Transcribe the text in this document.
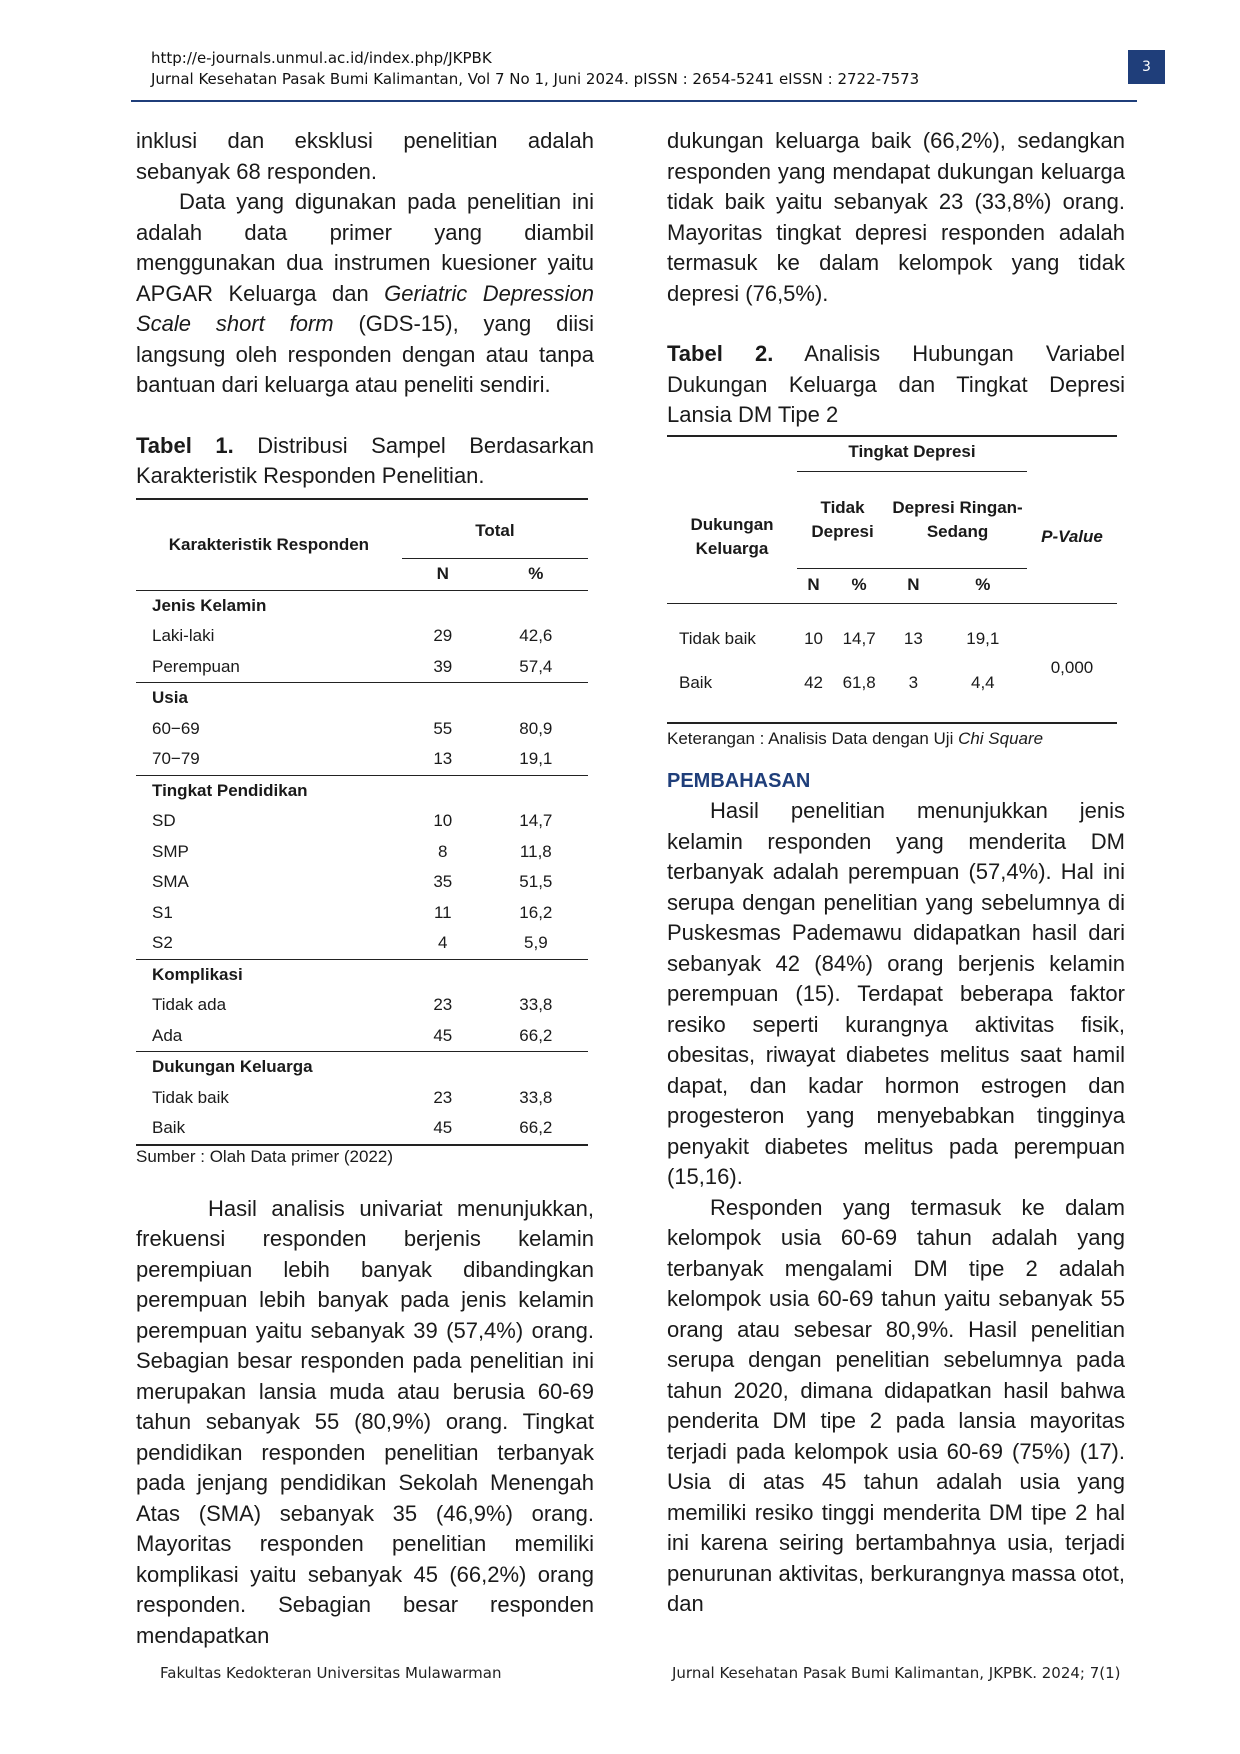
http://e-journals.unmul.ac.id/index.php/JKPBK
Jurnal Kesehatan Pasak Bumi Kalimantan, Vol 7 No 1, Juni 2024. pISSN : 2654-5241 eISSN : 2722-7573
3

inklusi dan eksklusi penelitian adalah sebanyak 68 responden.

Data yang digunakan pada penelitian ini adalah data primer yang diambil menggunakan dua instrumen kuesioner yaitu APGAR Keluarga dan Geriatric Depression Scale short form (GDS-15), yang diisi langsung oleh responden dengan atau tanpa bantuan dari keluarga atau peneliti sendiri.

Tabel 1. Distribusi Sampel Berdasarkan Karakteristik Responden Penelitian.

Karakteristik Responden	Total	
	N	%
Jenis Kelamin		
Laki-laki	29	42,6
Perempuan	39	57,4
Usia		
60−69	55	80,9
70−79	13	19,1
Tingkat Pendidikan		
SD	10	14,7
SMP	8	11,8
SMA	35	51,5
S1	11	16,2
S2	4	5,9
Komplikasi		
Tidak ada	23	33,8
Ada	45	66,2
Dukungan Keluarga		
Tidak baik	23	33,8
Baik	45	66,2
Sumber : Olah Data primer (2022)

Hasil analisis univariat menunjukkan, frekuensi responden berjenis kelamin perempiuan lebih banyak dibandingkan perempuan lebih banyak pada jenis kelamin perempuan yaitu sebanyak 39 (57,4%) orang. Sebagian besar responden pada penelitian ini merupakan lansia muda atau berusia 60-69 tahun sebanyak 55 (80,9%) orang. Tingkat pendidikan responden penelitian terbanyak pada jenjang pendidikan Sekolah Menengah Atas (SMA) sebanyak 35 (46,9%) orang. Mayoritas responden penelitian memiliki komplikasi yaitu sebanyak 45 (66,2%) orang responden. Sebagian besar responden mendapatkan

dukungan keluarga baik (66,2%), sedangkan responden yang mendapat dukungan keluarga tidak baik yaitu sebanyak 23 (33,8%) orang. Mayoritas tingkat depresi responden adalah termasuk ke dalam kelompok yang tidak depresi (76,5%).

Tabel 2. Analisis Hubungan Variabel Dukungan Keluarga dan Tingkat Depresi Lansia DM Tipe 2

	Tingkat Depresi				
Dukungan Keluarga	Tidak Depresi		Depresi Ringan-Sedang		P-Value
	N	%	N	%	

Tidak baik	10	14,7	13	19,1	0,000
Baik	42	61,8	3	4,4	

Keterangan : Analisis Data dengan Uji Chi Square
PEMBAHASAN

Hasil penelitian menunjukkan jenis kelamin responden yang menderita DM terbanyak adalah perempuan (57,4%). Hal ini serupa dengan penelitian yang sebelumnya di Puskesmas Pademawu didapatkan hasil dari sebanyak 42 (84%) orang berjenis kelamin perempuan (15). Terdapat beberapa faktor resiko seperti kurangnya aktivitas fisik, obesitas, riwayat diabetes melitus saat hamil dapat, dan kadar hormon estrogen dan progesteron yang menyebabkan tingginya penyakit diabetes melitus pada perempuan (15,16).

Responden yang termasuk ke dalam kelompok usia 60-69 tahun adalah yang terbanyak mengalami DM tipe 2 adalah kelompok usia 60-69 tahun yaitu sebanyak 55 orang atau sebesar 80,9%. Hasil penelitian serupa dengan penelitian sebelumnya pada tahun 2020, dimana didapatkan hasil bahwa penderita DM tipe 2 pada lansia mayoritas terjadi pada kelompok usia 60-69 (75%) (17). Usia di atas 45 tahun adalah usia yang memiliki resiko tinggi menderita DM tipe 2 hal ini karena seiring bertambahnya usia, terjadi penurunan aktivitas, berkurangnya massa otot, dan

Fakultas Kedokteran Universitas Mulawarman	Jurnal Kesehatan Pasak Bumi Kalimantan, JKPBK. 2024; 7(1)
